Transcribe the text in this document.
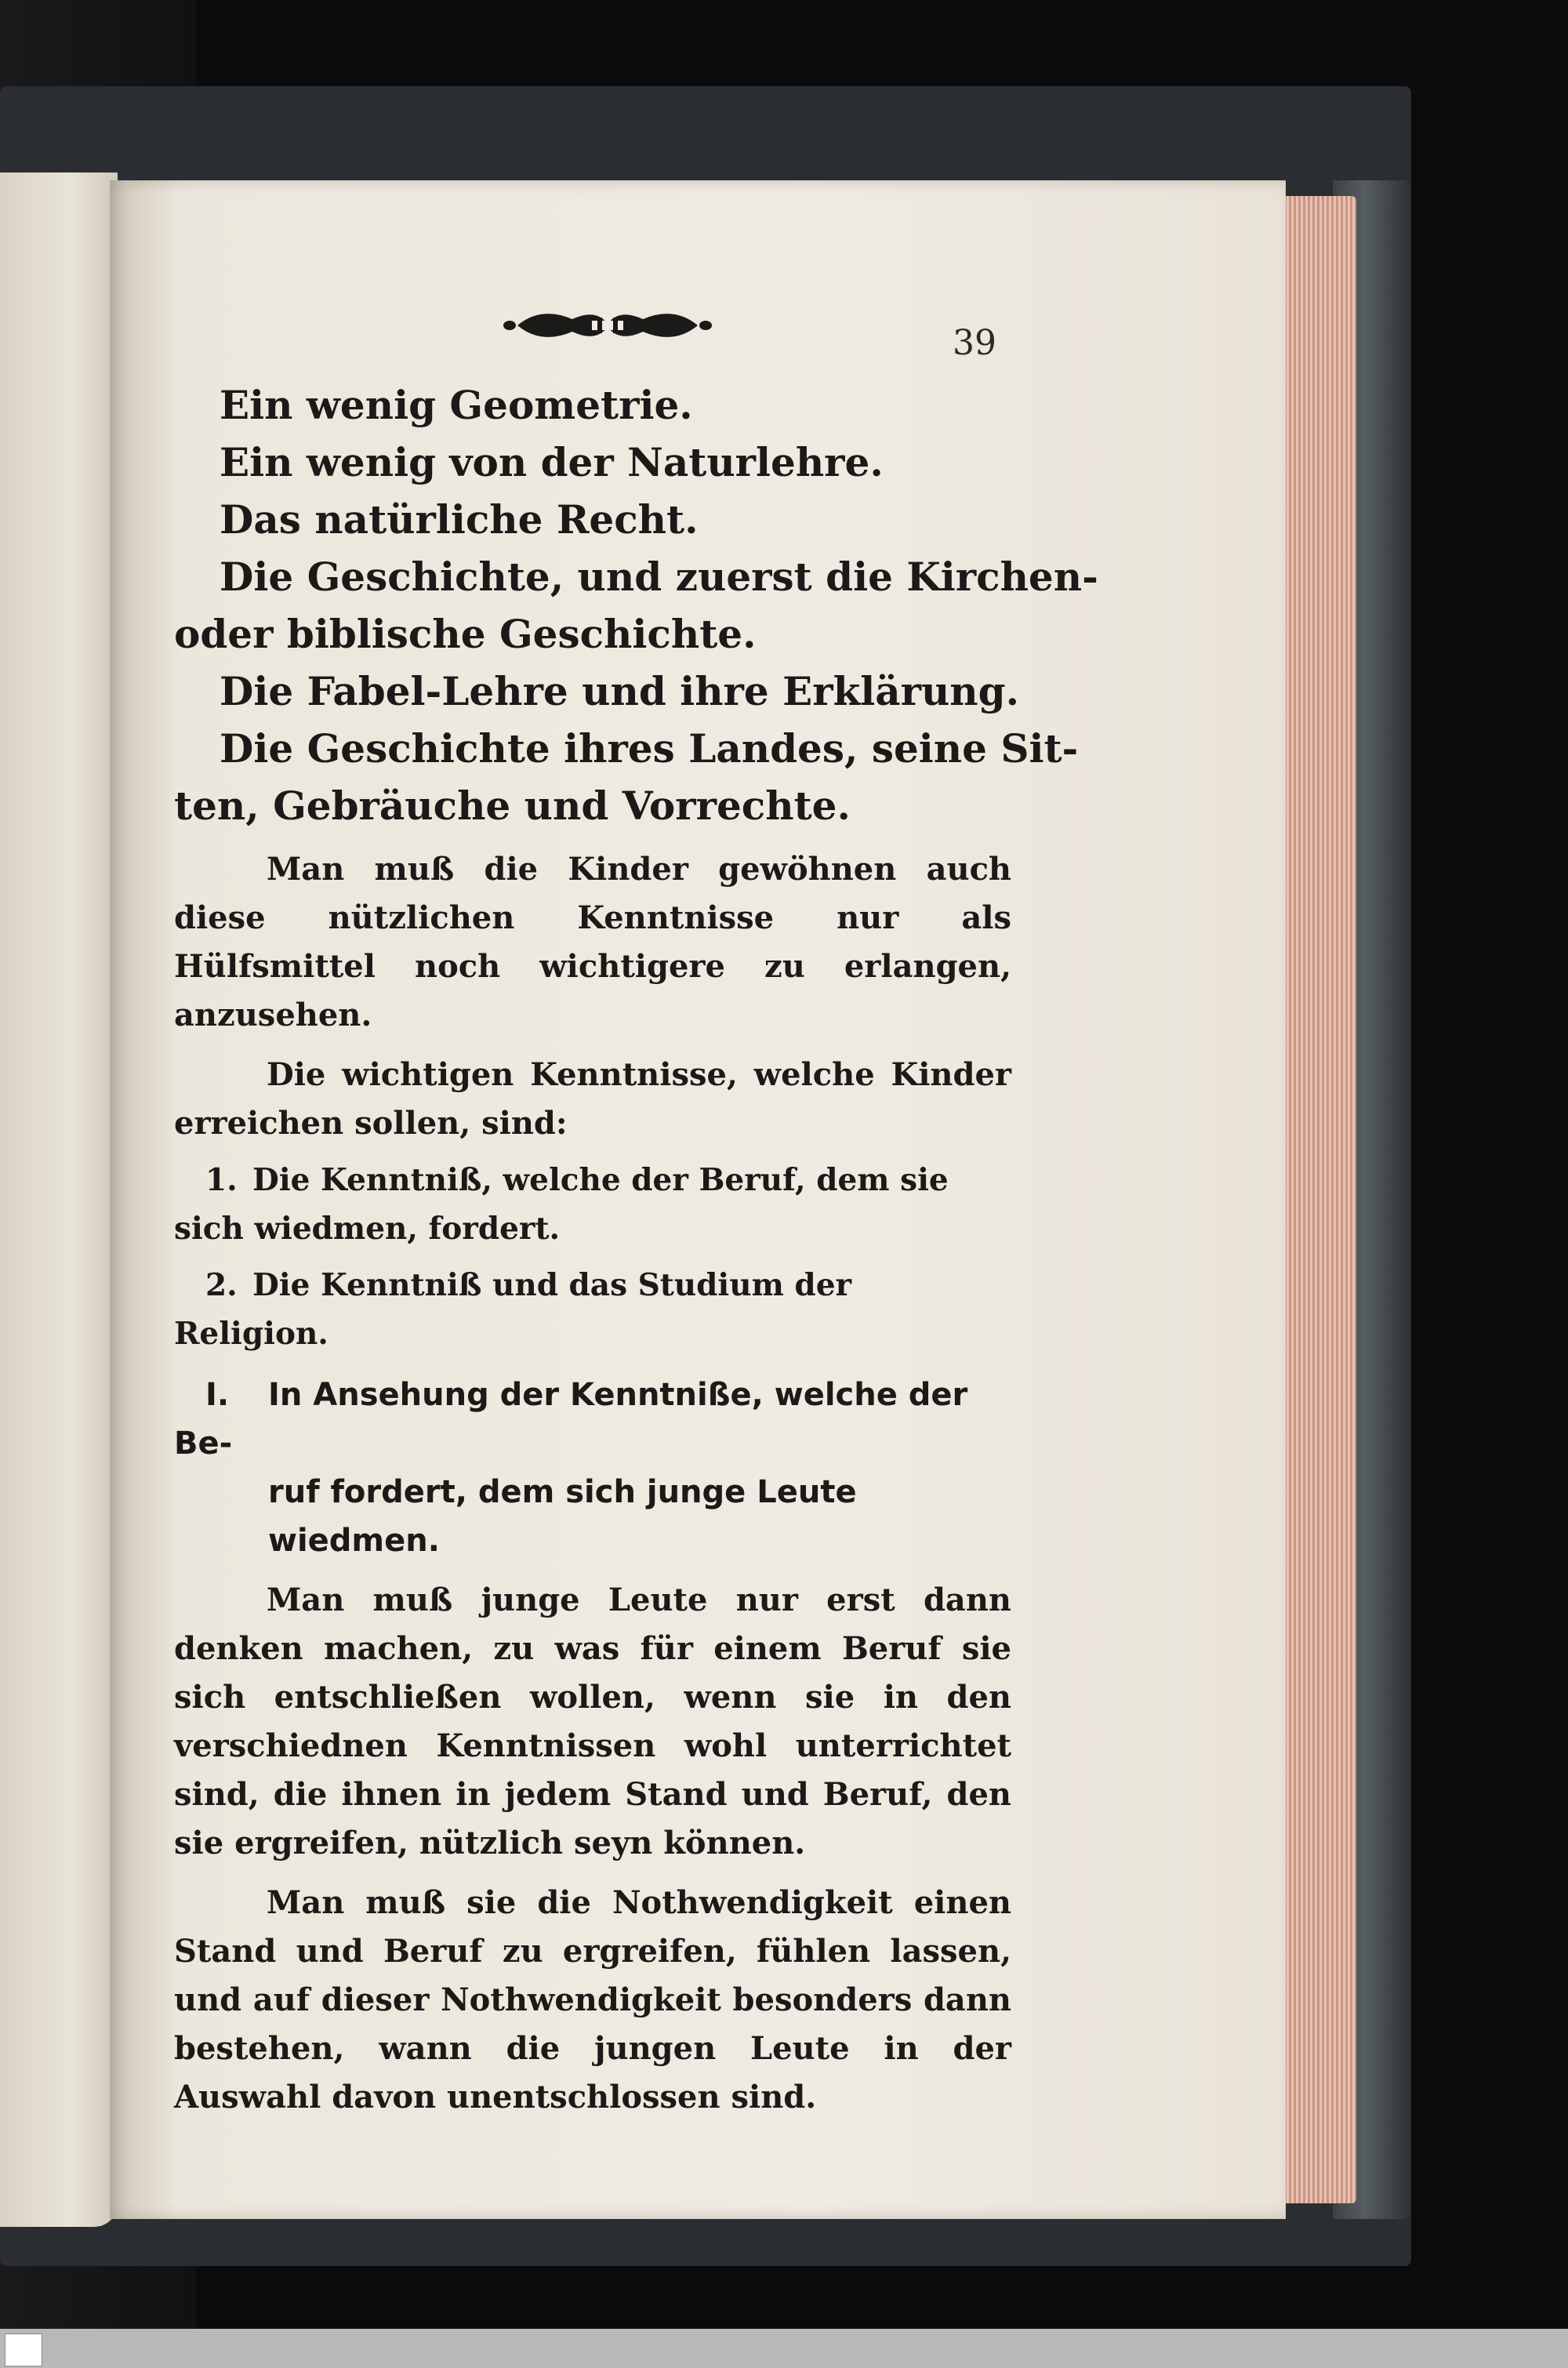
39
Ein wenig Geometrie.
Ein wenig von der Naturlehre.
Das natürliche Recht.
Die Geschichte, und zuerst die Kirchen-
oder biblische Geschichte.
Die Fabel-Lehre und ihre Erklärung.
Die Geschichte ihres Landes, seine Sit-
ten, Gebräuche und Vorrechte.
Man muß die Kinder gewöhnen auch diese nützlichen Kenntnisse nur als Hülfsmittel noch wichtigere zu erlangen, anzusehen.
Die wichtigen Kenntnisse, welche Kinder erreichen sollen, sind:
1. Die Kenntniß, welche der Beruf, dem sie sich wiedmen, fordert.
2. Die Kenntniß und das Studium der Religion.
I. In Ansehung der Kenntniße, welche der Be-
ruf fordert, dem sich junge Leute wiedmen.
Man muß junge Leute nur erst dann denken machen, zu was für einem Beruf sie sich entschließen wollen, wenn sie in den verschiednen Kenntnissen wohl unterrichtet sind, die ihnen in jedem Stand und Beruf, den sie ergreifen, nützlich seyn können.
Man muß sie die Nothwendigkeit einen Stand und Beruf zu ergreifen, fühlen lassen, und auf dieser Nothwendigkeit besonders dann bestehen, wann die jungen Leute in der Auswahl davon unentschlossen sind.
